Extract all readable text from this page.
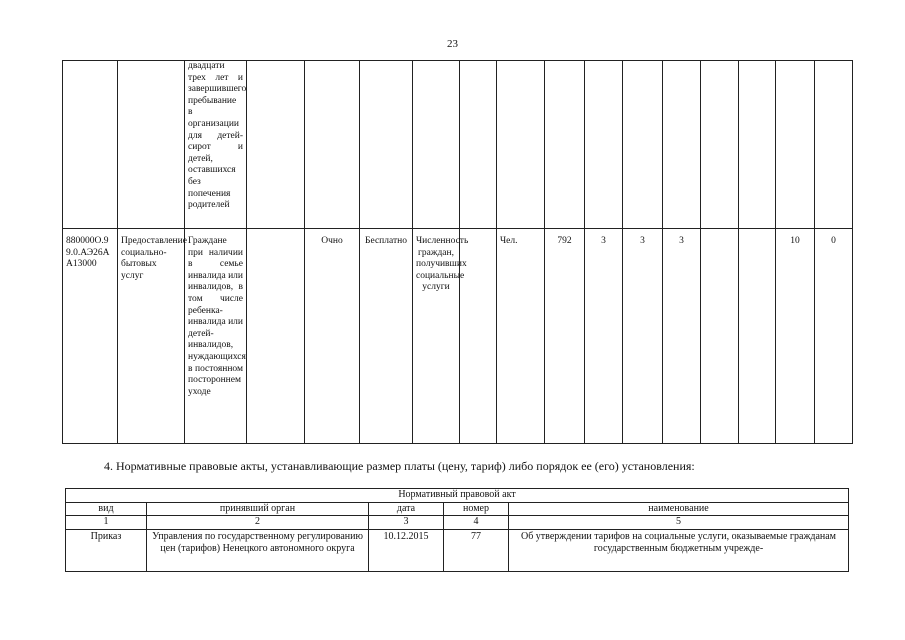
23

		двадцати трех лет и завершившего пребывание в организации для детей-сирот и детей, оставшихся без попечения родителей														

880000О.99.0.АЭ26АА13000	Предоставление социально-бытовых услуг	Граждане при наличии в семье инвалида или инвалидов, в том числе ребенка-инвалида или детей-инвалидов, нуждающихся в постоянном постороннем уходе		Очно	Бесплатно	Численность граждан, получивших социальные услуги		Чел.	792	3	3	3			10	0
4. Нормативные правовые акты, устанавливающие размер платы (цену, тариф) либо порядок ее (его) установления:
Нормативный правовой акт				
вид	принявший орган	дата	номер	наименование
1	2	3	4	5
Приказ	Управления по государственному регулированию цен (тарифов) Ненецкого автономного округа	10.12.2015	77	Об утверждении тарифов на социальные услуги, оказываемые гражданам государственным бюджетным учрежде-
